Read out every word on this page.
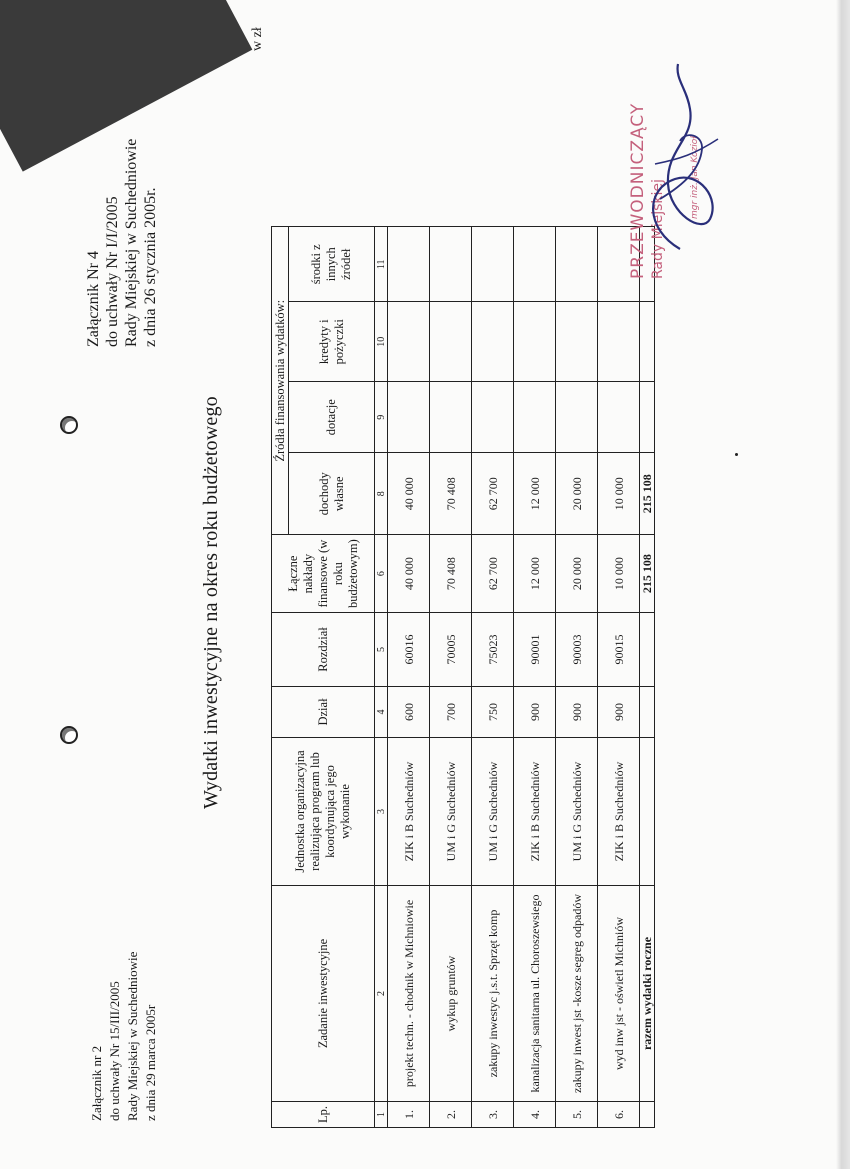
Załącznik nr 2 do uchwały Nr 15/III/2005 Rady Miejskiej w Suchedniowie z dnia 29 marca 2005r
Wydatki inwestycyjne na okres roku budżetowego
Załącznik Nr 4 do uchwały Nr I/I/2005 Rady Miejskiej w Suchedniowie z dnia 26 stycznia 2005r.
w zł
Lp.	Zadanie inwestycyjne	Jednostka organizacyjna realizująca program lub koordynująca jego wykonanie	Dział	Rozdział	Łączne nakłady finansowe (w roku budżetowym)	Źródła finansowania wydatków:			
						dochody własne	dotacje	kredyty i pożyczki	środki z innych źródeł
1	2	3	4	5	6	8	9	10	11
1.	projekt techn. - chodnik w Michniowie	ZIK i B Suchedniów	600	60016	40 000	40 000			
2.	wykup gruntów	UM i G Suchedniów	700	70005	70 408	70 408			
3.	zakupy inwestyc j.s.t. Sprzęt komp	UM i G Suchedniów	750	75023	62 700	62 700			
4.	kanalizacja sanitarna ul. Choroszewsiego	ZIK i B Suchedniów	900	90001	12 000	12 000			
5.	zakupy inwest jst -kosze segreg odpadów	UM i G Suchedniów	900	90003	20 000	20 000			
6.	wyd inw jst - oświetl Michniów	ZIK i B Suchedniów	900	90015	10 000	10 000			
	razem wydatki roczne				215 108	215 108			
PRZEWODNICZĄCY Rady Miejskiej
mgr inż. Jan Kozioł
